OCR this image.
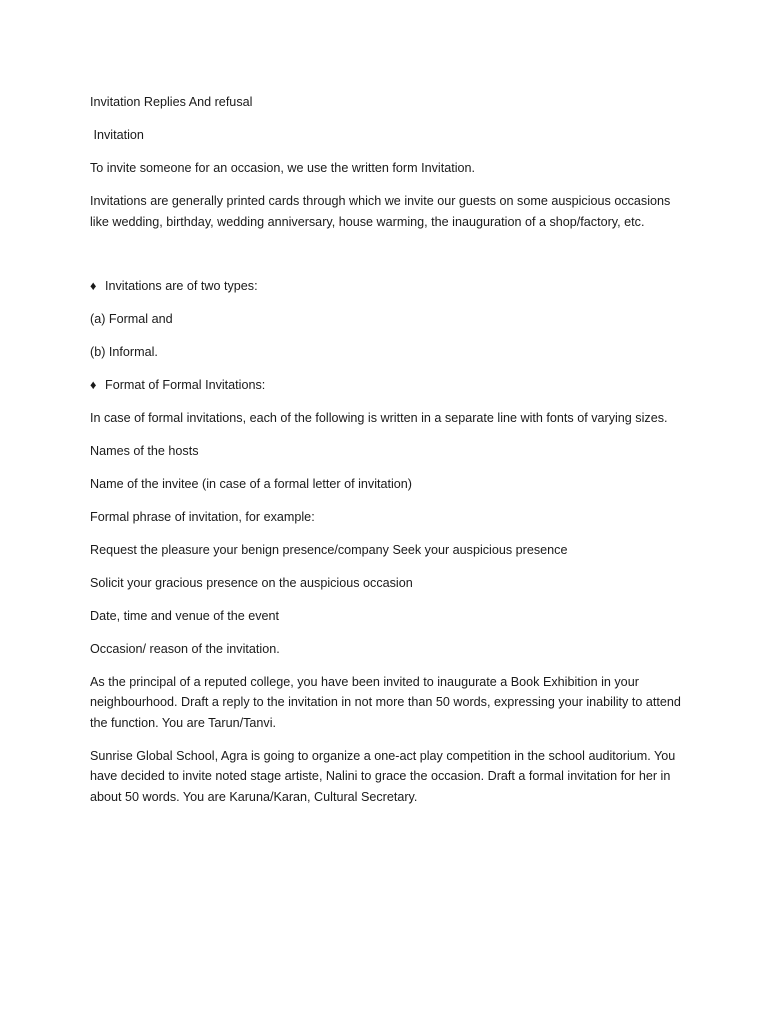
Invitation Replies And refusal

Invitation

To invite someone for an occasion, we use the written form Invitation.

Invitations are generally printed cards through which we invite our guests on some auspicious occasions like wedding, birthday, wedding anniversary, house warming, the inauguration of a shop/factory, etc.

♦ Invitations are of two types:

(a) Formal and

(b) Informal.

♦ Format of Formal Invitations:

In case of formal invitations, each of the following is written in a separate line with fonts of varying sizes.

Names of the hosts

Name of the invitee (in case of a formal letter of invitation)

Formal phrase of invitation, for example:

Request the pleasure your benign presence/company Seek your auspicious presence

Solicit your gracious presence on the auspicious occasion

Date, time and venue of the event

Occasion/ reason of the invitation.

As the principal of a reputed college, you have been invited to inaugurate a Book Exhibition in your neighbourhood. Draft a reply to the invitation in not more than 50 words, expressing your inability to attend the function. You are Tarun/Tanvi.

Sunrise Global School, Agra is going to organize a one-act play competition in the school auditorium. You have decided to invite noted stage artiste, Nalini to grace the occasion. Draft a formal invitation for her in about 50 words. You are Karuna/Karan, Cultural Secretary.
